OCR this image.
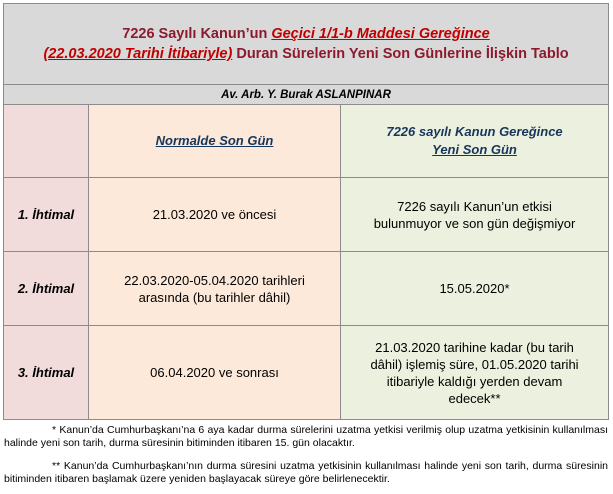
7226 Sayılı Kanun’un Geçici 1/1-b Maddesi Gereğince
(22.03.2020 Tarihi İtibariyle) Duran Sürelerin Yeni Son Günlerine İlişkin Tablo		

Av. Arb. Y. Burak ASLANPINAR		
	Normalde Son Gün	7226 sayılı Kanun Gereğince
Yeni Son Gün
1. İhtimal	21.03.2020 ve öncesi	7226 sayılı Kanun’un etkisi
bulunmuyor ve son gün değişmiyor
2. İhtimal	22.03.2020-05.04.2020 tarihleri
arasında (bu tarihler dâhil)	15.05.2020*
3. İhtimal	06.04.2020 ve sonrası	21.03.2020 tarihine kadar (bu tarih
dâhil) işlemiş süre, 01.05.2020 tarihi
itibariyle kaldığı yerden devam
edecek**
* Kanun’da Cumhurbaşkanı’na 6 aya kadar durma sürelerini uzatma yetkisi verilmiş olup uzatma yetkisinin kullanılması halinde yeni son tarih, durma süresinin bitiminden itibaren 15. gün olacaktır.
** Kanun’da Cumhurbaşkanı’nın durma süresini uzatma yetkisinin kullanılması halinde yeni son tarih, durma süresinin bitiminden itibaren başlamak üzere yeniden başlayacak süreye göre belirlenecektir.
